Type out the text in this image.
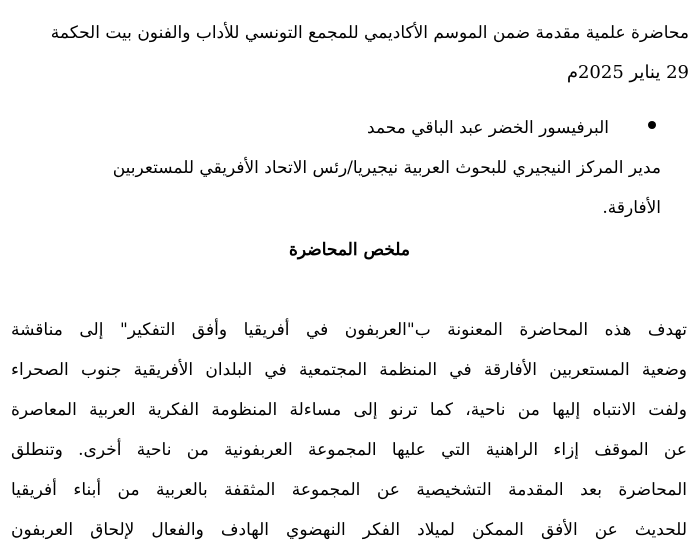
محاضرة علمية مقدمة ضمن الموسم الأكاديمي للمجمع التونسي للأداب والفنون بيت الحكمة
29 يناير 2025م
البرفيسور الخضر عبد الباقي محمد
مدير المركز النيجيري للبحوث العربية نيجيريا/رئس الاتحاد الأفريقي للمستعربين
الأفارقة.
ملخص المحاضرة
تهدف هذه المحاضرة المعنونة ب"العربفون في أفريقيا وأفق التفكير" إلى مناقشة
وضعية المستعربين الأفارقة في المنظمة المجتمعية في البلدان الأفريقية جنوب الصحراء
ولفت الانتباه إليها من ناحية، كما ترنو إلى مساءلة المنظومة الفكرية العربية المعاصرة
عن الموقف إزاء الراهنية التي عليها المجموعة العربفونية من ناحية أخرى. وتنطلق
المحاضرة بعد المقدمة التشخيصية عن المجموعة المثقفة بالعربية من أبناء أفريقيا
للحديث عن الأفق الممكن لميلاد الفكر النهضوي الهادف والفعال لإلحاق العربفون
